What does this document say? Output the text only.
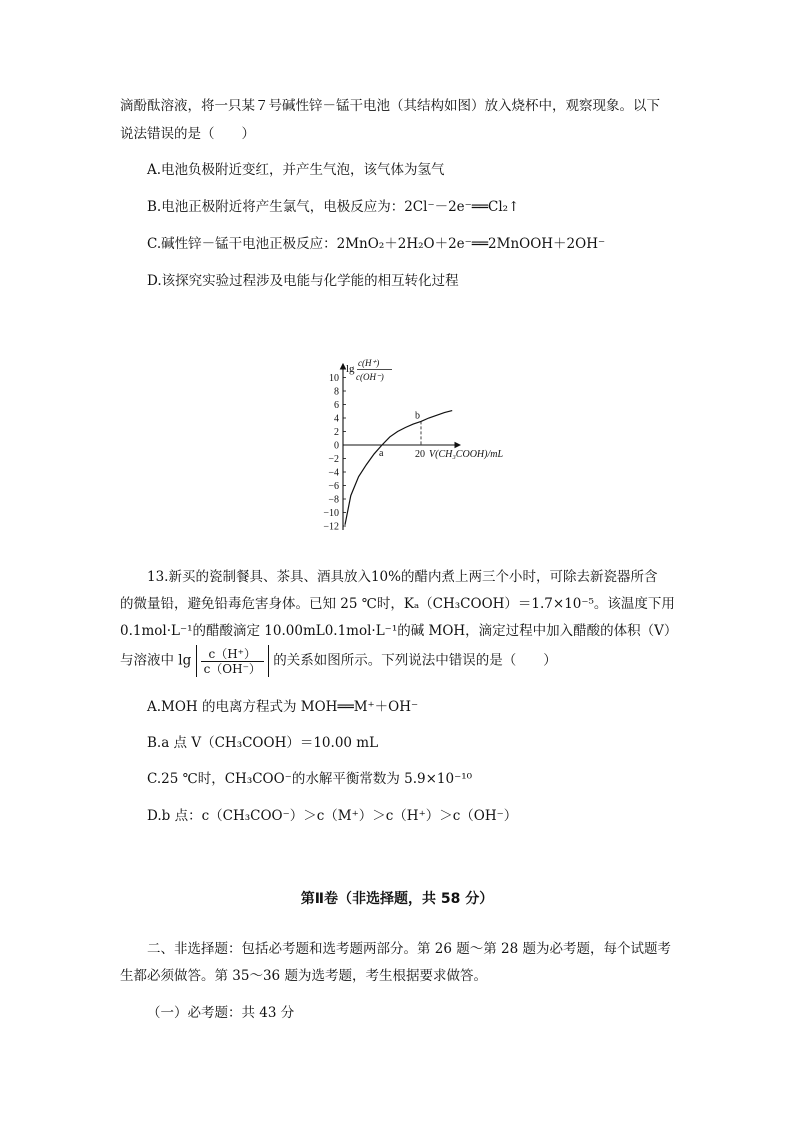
滴酚酞溶液，将一只某７号碱性锌－锰干电池（其结构如图）放入烧杯中，观察现象。以下
说法错误的是（　　）
A.电池负极附近变红，并产生气泡，该气体为氢气
B.电池正极附近将产生氯气，电极反应为：2Cl⁻－2e⁻══Cl₂↑
C.碱性锌－锰干电池正极反应：2MnO₂＋2H₂O＋2e⁻══2MnOOH＋2OH⁻
D.该探究实验过程涉及电能与化学能的相互转化过程
lg c(H⁺)
c(OH⁻)
10
8
6
4
2
0
−2
−4
−6
−8
−10
−12
a
b
20 V(CH₃COOH)/mL
13.新买的瓷制餐具、茶具、酒具放入10%的醋内煮上两三个小时，可除去新瓷器所含
的微量铅，避免铅毒危害身体。已知 25 ℃时，Kₐ（CH₃COOH）＝1.7×10⁻⁵。该温度下用
0.1mol·L⁻¹的醋酸滴定 10.00mL0.1mol·L⁻¹的碱 MOH，滴定过程中加入醋酸的体积（V）
与溶液中 $\lg \frac{c(H^+)}{c(OH^-)}$ 的关系如图所示。下列说法中错误的是（　　）
A.MOH 的电离方程式为 MOH══M⁺＋OH⁻
B.a 点 V（CH₃COOH）＝10.00 mL
C.25 ℃时，CH₃COO⁻的水解平衡常数为 5.9×10⁻¹⁰
D.b 点：c（CH₃COO⁻）＞c（M⁺）＞c（H⁺）＞c（OH⁻）
第Ⅱ卷（非选择题，共 58 分）
二、非选择题：包括必考题和选考题两部分。第 26 题～第 28 题为必考题，每个试题考
生都必须做答。第 35～36 题为选考题，考生根据要求做答。
（一）必考题：共 43 分
